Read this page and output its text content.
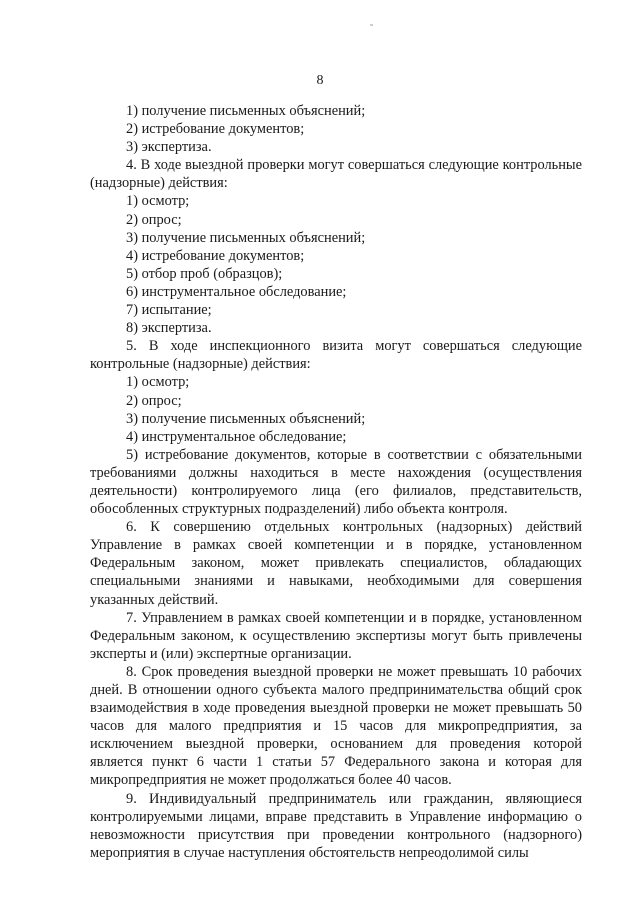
8

1) получение письменных объяснений;

2) истребование документов;

3) экспертиза.

4. В ходе выездной проверки могут совершаться следующие контрольные (надзорные) действия:

1) осмотр;

2) опрос;

3) получение письменных объяснений;

4) истребование документов;

5) отбор проб (образцов);

6) инструментальное обследование;

7) испытание;

8) экспертиза.

5. В ходе инспекционного визита могут совершаться следующие контрольные (надзорные) действия:

1) осмотр;

2) опрос;

3) получение письменных объяснений;

4) инструментальное обследование;

5) истребование документов, которые в соответствии с обязательными требованиями должны находиться в месте нахождения (осуществления деятельности) контролируемого лица (его филиалов, представительств, обособленных структурных подразделений) либо объекта контроля.

6. К совершению отдельных контрольных (надзорных) действий Управление в рамках своей компетенции и в порядке, установленном Федеральным законом, может привлекать специалистов, обладающих специальными знаниями и навыками, необходимыми для совершения указанных действий.

7. Управлением в рамках своей компетенции и в порядке, установленном Федеральным законом, к осуществлению экспертизы могут быть привлечены эксперты и (или) экспертные организации.

8. Срок проведения выездной проверки не может превышать 10 рабочих дней. В отношении одного субъекта малого предпринимательства общий срок взаимодействия в ходе проведения выездной проверки не может превышать 50 часов для малого предприятия и 15 часов для микропредприятия, за исключением выездной проверки, основанием для проведения которой является пункт 6 части 1 статьи 57 Федерального закона и которая для микропредприятия не может продолжаться более 40 часов.

9. Индивидуальный предприниматель или гражданин, являющиеся контролируемыми лицами, вправе представить в Управление информацию о невозможности присутствия при проведении контрольного (надзорного) мероприятия в случае наступления обстоятельств непреодолимой силы
